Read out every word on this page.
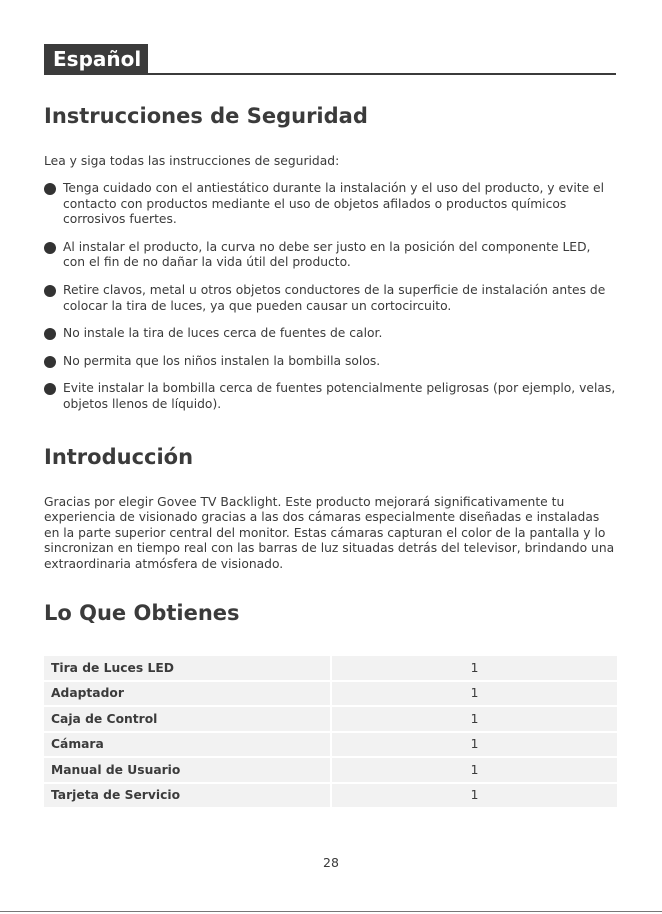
Español
Instrucciones de Seguridad

Lea y siga todas las instrucciones de seguridad:

Tenga cuidado con el antiestático durante la instalación y el uso del producto, y evite el contacto con productos mediante el uso de objetos afilados o productos químicos corrosivos fuertes.
Al instalar el producto, la curva no debe ser justo en la posición del componente LED, con el fin de no dañar la vida útil del producto.
Retire clavos, metal u otros objetos conductores de la superficie de instalación antes de colocar la tira de luces, ya que pueden causar un cortocircuito.
No instale la tira de luces cerca de fuentes de calor.
No permita que los niños instalen la bombilla solos.
Evite instalar la bombilla cerca de fuentes potencialmente peligrosas (por ejemplo, velas, objetos llenos de líquido).
Introducción

Gracias por elegir Govee TV Backlight. Este producto mejorará significativamente tu experiencia de visionado gracias a las dos cámaras especialmente diseñadas e instaladas en la parte superior central del monitor. Estas cámaras capturan el color de la pantalla y lo sincronizan en tiempo real con las barras de luz situadas detrás del televisor, brindando una extraordinaria atmósfera de visionado.

Lo Que Obtienes
Tira de Luces LED	1
Adaptador	1
Caja de Control	1
Cámara	1
Manual de Usuario	1
Tarjeta de Servicio	1
28
